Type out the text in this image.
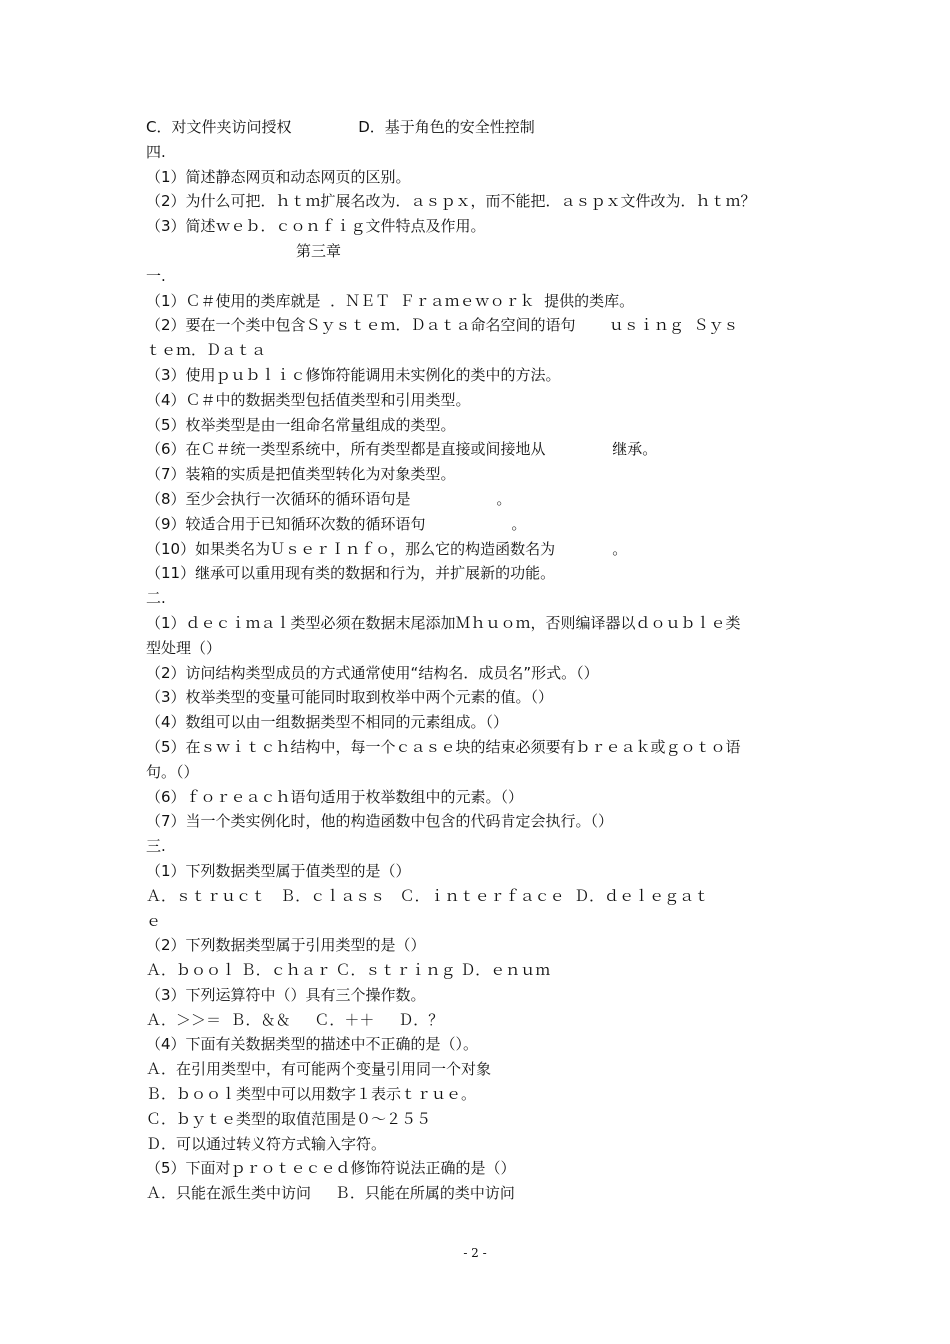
C．对文件夹访问授权              D．基于角色的安全性控制
四.
（1）简述静态网页和动态网页的区别。
（2）为什么可把．ｈｔｍ扩展名改为．ａｓｐｘ，而不能把．ａｓｐｘ文件改为．ｈｔｍ？
（3）简述ｗｅｂ．ｃｏｎｆｉｇ文件特点及作用。
第三章
一.
（1）Ｃ＃使用的类库就是  ．ＮＥＴ  Ｆｒａｍｅｗｏｒｋ  提供的类库。
（2）要在一个类中包含Ｓｙｓｔｅｍ．Ｄａｔａ命名空间的语句       ｕｓｉｎｇ  Ｓｙｓ
ｔｅｍ．Ｄａｔａ
（3）使用ｐｕｂｌｉｃ修饰符能调用未实例化的类中的方法。
（4）Ｃ＃中的数据类型包括值类型和引用类型。
（5）枚举类型是由一组命名常量组成的类型。
（6）在Ｃ＃统一类型系统中，所有类型都是直接或间接地从              继承。
（7）装箱的实质是把值类型转化为对象类型。
（8）至少会执行一次循环的循环语句是                  。
（9）较适合用于已知循环次数的循环语句                  。
（10）如果类名为ＵｓｅｒＩｎｆｏ，那么它的构造函数名为            。
（11）继承可以重用现有类的数据和行为，并扩展新的功能。
二.
（1）ｄｅｃｉｍａｌ类型必须在数据末尾添加Ｍｈｕｏｍ，否则编译器以ｄｏｕｂｌｅ类
型处理（）
（2）访问结构类型成员的方式通常使用“结构名．成员名”形式。（）
（3）枚举类型的变量可能同时取到枚举中两个元素的值。（）
（4）数组可以由一组数据类型不相同的元素组成。（）
（5）在ｓｗｉｔｃｈ结构中，每一个ｃａｓｅ块的结束必须要有ｂｒｅａｋ或ｇｏｔｏ语
句。（）
（6）ｆｏｒｅａｃｈ语句适用于枚举数组中的元素。（）
（7）当一个类实例化时，他的构造函数中包含的代码肯定会执行。（）
三.
（1）下列数据类型属于值类型的是（）
Ａ．ｓｔｒｕｃｔ   Ｂ．ｃｌａｓｓ   Ｃ．ｉｎｔｅｒｆａｃｅ  Ｄ．ｄｅｌｅｇａｔ
ｅ
（2）下列数据类型属于引用类型的是（）
Ａ．ｂｏｏｌ Ｂ．ｃｈａｒ Ｃ．ｓｔｒｉｎｇ Ｄ．ｅｎｕｍ
（3）下列运算符中（）具有三个操作数。
Ａ．＞＞＝  Ｂ．＆＆     Ｃ．＋＋     Ｄ．？
（4）下面有关数据类型的描述中不正确的是（）。
Ａ．在引用类型中，有可能两个变量引用同一个对象
Ｂ．ｂｏｏｌ类型中可以用数字１表示ｔｒｕｅ。
Ｃ．ｂｙｔｅ类型的取值范围是０～２５５
Ｄ．可以通过转义符方式输入字符。
（5）下面对ｐｒｏｔｅｃｅｄ修饰符说法正确的是（）
Ａ．只能在派生类中访问     Ｂ．只能在所属的类中访问
- 2 -
